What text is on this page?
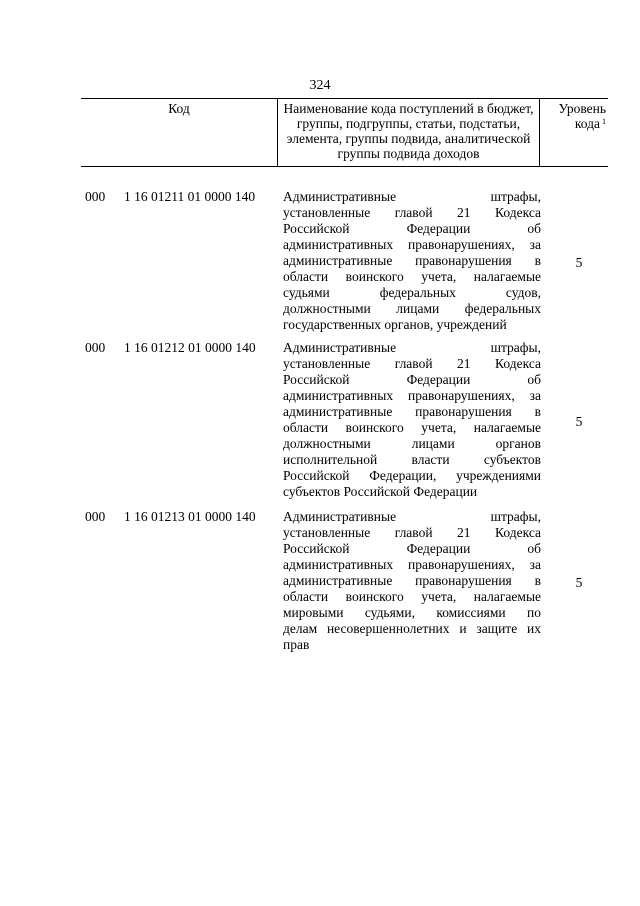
324
Код	Наименование кода поступлений в бюджет, группы, подгруппы, статьи, подстатьи, элемента, группы подвида, аналитической группы подвида доходов
Уровень кода $^1$
000 1 16 01211 01 0000 140 Административные штрафы,
установленные главой 21 Кодекса
Российской Федерации об
административных правонарушениях, за
административные правонарушения в
области воинского учета, налагаемые
судьями федеральных судов,
должностными лицами федеральных
государственных органов, учреждений
5
000 1 16 01212 01 0000 140 Административные штрафы,
установленные главой 21 Кодекса
Российской Федерации об
административных правонарушениях, за
административные правонарушения в
области воинского учета, налагаемые
должностными лицами органов
исполнительной власти субъектов
Российской Федерации, учреждениями
субъектов Российской Федерации
5
000 1 16 01213 01 0000 140 Административные штрафы,
установленные главой 21 Кодекса
Российской Федерации об
административных правонарушениях, за
административные правонарушения в
области воинского учета, налагаемые
мировыми судьями, комиссиями по
делам несовершеннолетних и защите их
прав
5
